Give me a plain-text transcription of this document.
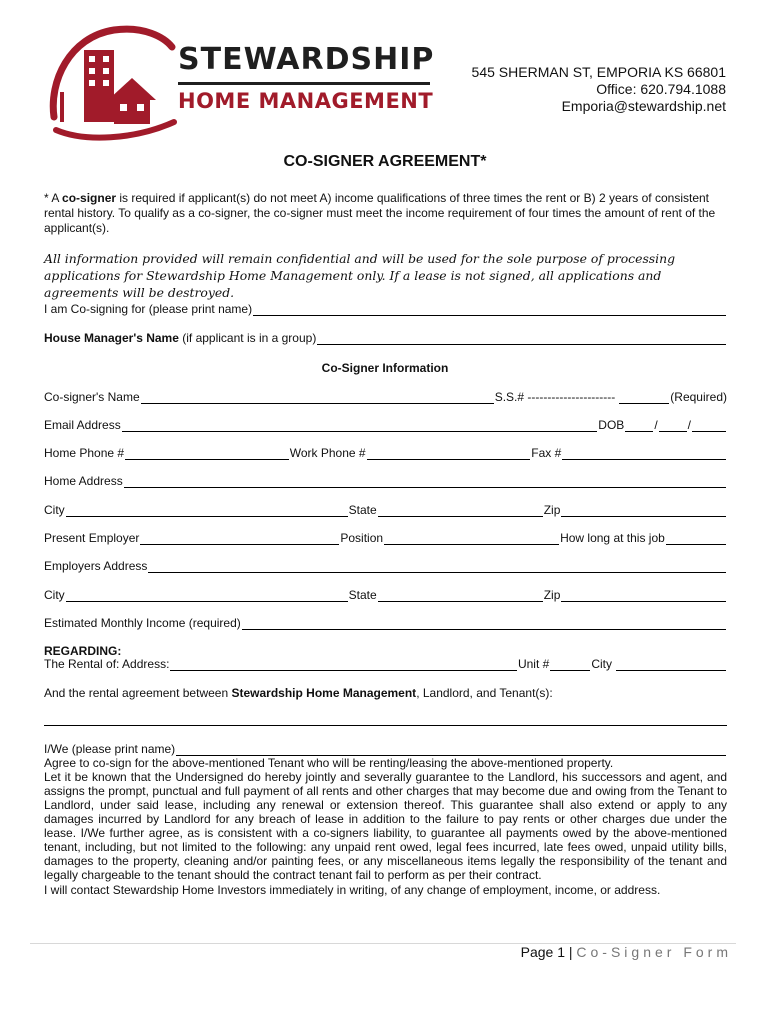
STEWARDSHIP
HOME MANAGEMENT
545 SHERMAN ST, EMPORIA KS 66801
Office: 620.794.1088
Emporia@stewardship.net
CO-SIGNER AGREEMENT*
* A co-signer is required if applicant(s) do not meet A) income qualifications of three times the rent or B) 2 years of consistent rental history. To qualify as a co-signer, the co-signer must meet the income requirement of four times the amount of rent of the applicant(s).
All information provided will remain confidential and will be used for the sole purpose of processing applications for Stewardship Home Management only. If a lease is not signed, all applications and agreements will be destroyed.
I am Co-signing for (please print name)
House Manager's Name (if applicant is in a group)
Co-Signer Information
Co-signer's Name	S.S.# ----------------------	(Required)
Email Address	DOB	/	/
Home Phone #	Work Phone #	Fax #
Home Address
City	State	Zip
Present Employer	Position	How long at this job
Employers Address
City	State	Zip
Estimated Monthly Income (required)
REGARDING:
The Rental of: Address:	Unit #	City
And the rental agreement between Stewardship Home Management, Landlord, and Tenant(s):
I/We (please print name)
Agree to co-sign for the above-mentioned Tenant who will be renting/leasing the above-mentioned property.
Let it be known that the Undersigned do hereby jointly and severally guarantee to the Landlord, his successors and agent, and assigns the prompt, punctual and full payment of all rents and other charges that may become due and owing from the Tenant to Landlord, under said lease, including any renewal or extension thereof. This guarantee shall also extend or apply to any damages incurred by Landlord for any breach of lease in addition to the failure to pay rents or other charges due under the lease. I/We further agree, as is consistent with a co-signers liability, to guarantee all payments owed by the above-mentioned tenant, including, but not limited to the following: any unpaid rent owed, legal fees incurred, late fees owed, unpaid utility bills, damages to the property, cleaning and/or painting fees, or any miscellaneous items legally the responsibility of the tenant and legally chargeable to the tenant should the contract tenant fail to perform as per their contract.
I will contact Stewardship Home Investors immediately in writing, of any change of employment, income, or address.
Page 1 | Co-Signer Form
